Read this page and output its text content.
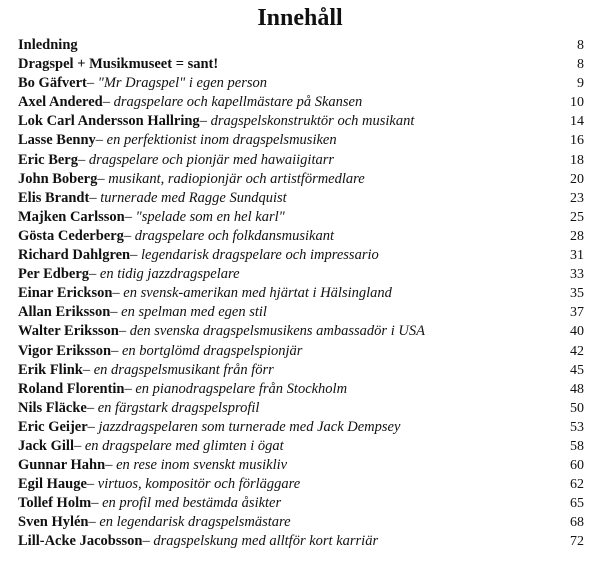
Innehåll
Inledning	8
Dragspel + Musikmuseet = sant!	8
Bo Gäfvert – "Mr Dragspel" i egen person	9
Axel Andered – dragspelare och kapellmästare på Skansen	10
Lok Carl Andersson Hallring – dragspelskonstruktör och musikant	14
Lasse Benny – en perfektionist inom dragspelsmusiken	16
Eric Berg – dragspelare och pionjär med hawaiigitarr	18
John Boberg – musikant, radiopionjär och artistförmedlare	20
Elis Brandt – turnerade med Ragge Sundquist	23
Majken Carlsson – "spelade som en hel karl"	25
Gösta Cederberg – dragspelare och folkdansmusikant	28
Richard Dahlgren – legendarisk dragspelare och impressario	31
Per Edberg – en tidig jazzdragspelare	33
Einar Erickson – en svensk-amerikan med hjärtat i Hälsingland	35
Allan Eriksson – en spelman med egen stil	37
Walter Eriksson – den svenska dragspelsmusikens ambassadör i USA	40
Vigor Eriksson – en bortglömd dragspelspionjär	42
Erik Flink – en dragspelsmusikant från förr	45
Roland Florentin – en pianodragspelare från Stockholm	48
Nils Fläcke – en färgstark dragspelsprofil	50
Eric Geijer – jazzdragspelaren som turnerade med Jack Dempsey	53
Jack Gill – en dragspelare med glimten i ögat	58
Gunnar Hahn – en rese inom svenskt musikliv	60
Egil Hauge – virtuos, kompositör och förläggare	62
Tollef Holm – en profil med bestämda åsikter	65
Sven Hylén – en legendarisk dragspelsmästare	68
Lill-Acke Jacobsson – dragspelskung med alltför kort karriär	72
